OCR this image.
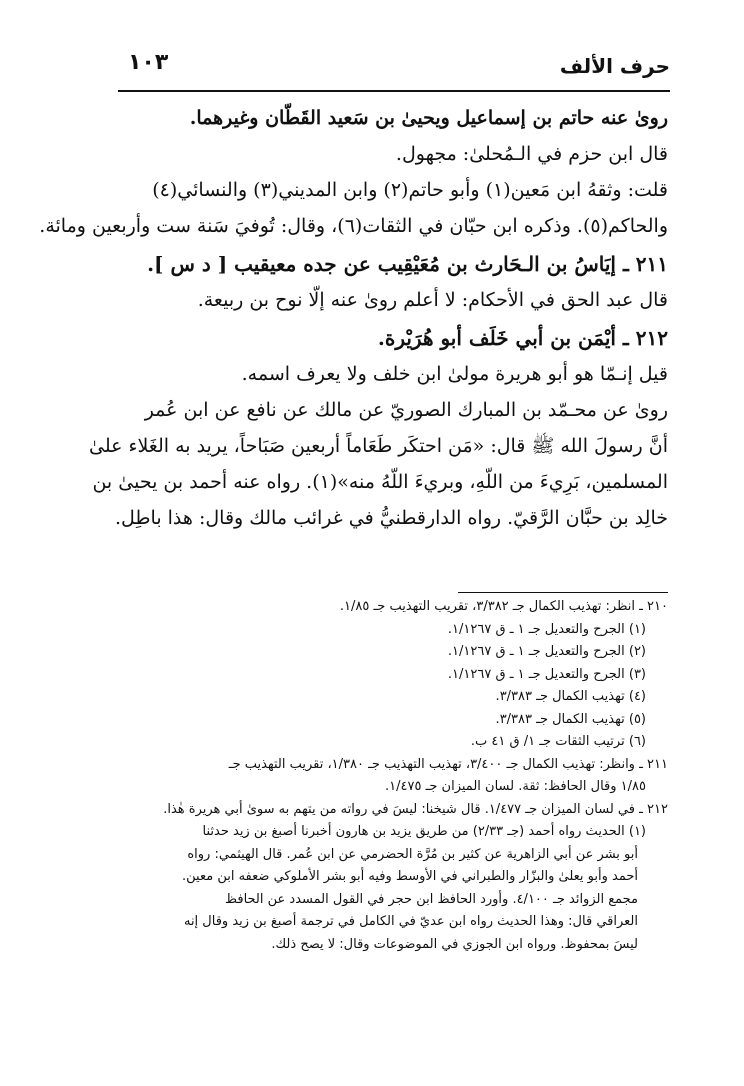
حرف الألف
١٠٣
روىٰ عنه حاتم بن إسماعيل ويحيىٰ بن سَعيد القَطّان وغيرهما.
قال ابن حزم في الـمُحلىٰ: مجهول.
قلت: وثقهُ ابن مَعين(١) وأبو حاتم(٢) وابن المديني(٣) والنسائي(٤)
والحاكم(٥). وذكره ابن حبّان في الثقات(٦)، وقال: تُوفيَ سَنة ست وأربعين ومائة.
٢١١ ـ إيَاسُ بن الـحَارث بن مُعَيْقِيب عن جده معيقيب [ د س ].
قال عبد الحق في الأحكام: لا أعلم روىٰ عنه إلّا نوح بن ربيعة.
٢١٢ ـ أيْمَن بن أبي خَلَف أبو هُرَيْرة.
قيل إنـمّا هو أبو هريرة مولىٰ ابن خلف ولا يعرف اسمه.
روىٰ عن محـمّد بن المبارك الصوريّ عن مالك عن نافع عن ابن عُمر
أنَّ رسولَ الله ﷺ قال: «مَن احتكَر طَعَاماً أربعين صَبَاحاً، يريد به الغَلاء علىٰ
المسلمين، بَرِيءَ من اللّهِ، وبريءَ اللّهُ منه»(١). رواه عنه أحمد بن يحيىٰ بن
خالِد بن حبَّان الرَّقيّ. رواه الدارقطنيُّ في غرائب مالك وقال: هذا باطِل.
٢١٠ ـ انظر: تهذيب الكمال جـ ٣/٣٨٢، تقريب التهذيب جـ ١/٨٥.
(١) الجرح والتعديل جـ ١ ـ ق ١/١٢٦٧.
(٢) الجرح والتعديل جـ ١ ـ ق ١/١٢٦٧.
(٣) الجرح والتعديل جـ ١ ـ ق ١/١٢٦٧.
(٤) تهذيب الكمال جـ ٣/٣٨٣.
(٥) تهذيب الكمال جـ ٣/٣٨٣.
(٦) ترتيب الثقات جـ ١/ ق ٤١ ب.
٢١١ ـ وانظر: تهذيب الكمال جـ ٣/٤٠٠، تهذيب التهذيب جـ ١/٣٨٠، تقريب التهذيب جـ
١/٨٥ وقال الحافظ: ثقة. لسان الميزان جـ ١/٤٧٥.
٢١٢ ـ في لسان الميزان جـ ١/٤٧٧. قال شيخنا: ليسَ في رواته من يتهم به سوىٰ أبي هريرة هٰذا.
(١) الحديث رواه أحمد (جـ ٢/٣٣) من طريق يزيد بن هارون أخبرنا أصبغ بن زيد حدثنا
أبو بشر عن أبي الزاهرية عن كثير بن مُرَّة الحضرمي عن ابن عُمر. قال الهيثمي: رواه
أحمد وأبو يعلىٰ والبزّار والطبراني في الأوسط وفيه أبو بشر الأملوكي ضعفه ابن معين.
مجمع الزوائد جـ ٤/١٠٠. وأورد الحافظ ابن حجر في القول المسدد عن الحافظ
العراقي قال: وهذا الحديث رواه ابن عديّ في الكامل في ترجمة أصبغ بن زيد وقال إنه
ليسَ بمحفوظ. ورواه ابن الجوزي في الموضوعات وقال: لا يصح ذلك.
